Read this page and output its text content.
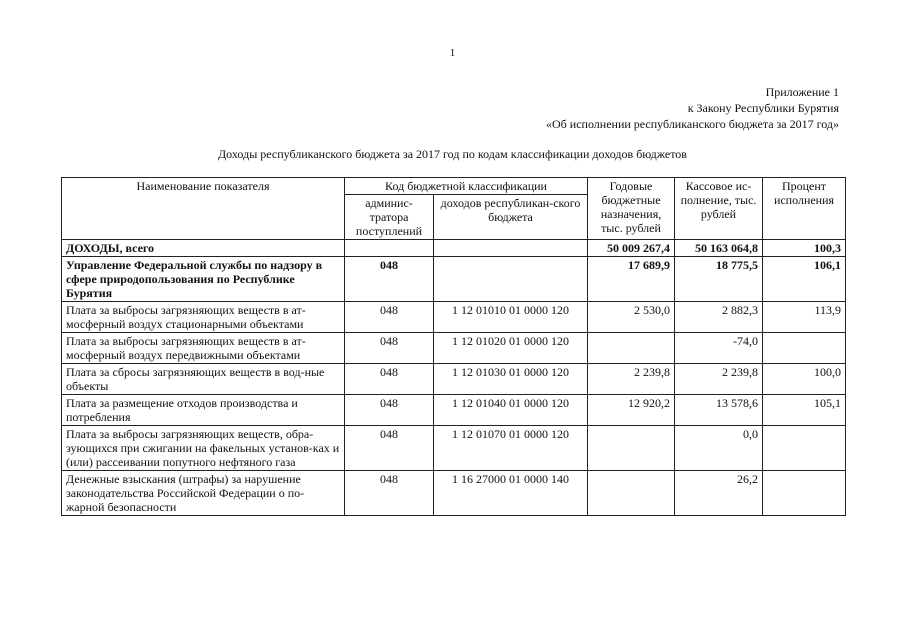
1
Приложение 1
к Закону Республики Бурятия
«Об исполнении республиканского бюджета за 2017 год»
Доходы республиканского бюджета за 2017 год по кодам классификации доходов бюджетов
Наименование показателя	Код бюджетной классификации		Годовые бюджетные назначения, тыс. рублей	Кассовое ис-полнение, тыс. рублей	Процент исполнения
	админис-тратора поступлений	доходов республикан-ского бюджета			
ДОХОДЫ, всего			50 009 267,4	50 163 064,8	100,3
Управление Федеральной службы по надзору в сфере природопользования по Республике Бурятия	048		17 689,9	18 775,5	106,1
Плата за выбросы загрязняющих веществ в ат-мосферный воздух стационарными объектами	048	1 12 01010 01 0000 120	2 530,0	2 882,3	113,9
Плата за выбросы загрязняющих веществ в ат-мосферный воздух передвижными объектами	048	1 12 01020 01 0000 120		-74,0	
Плата за сбросы загрязняющих веществ в вод-ные объекты	048	1 12 01030 01 0000 120	2 239,8	2 239,8	100,0
Плата за размещение отходов производства и потребления	048	1 12 01040 01 0000 120	12 920,2	13 578,6	105,1
Плата за выбросы загрязняющих веществ, обра-зующихся при сжигании на факельных установ-ках и (или) рассеивании попутного нефтяного газа	048	1 12 01070 01 0000 120		0,0	
Денежные взыскания (штрафы) за нарушение законодательства Российской Федерации о по-жарной безопасности	048	1 16 27000 01 0000 140		26,2	
